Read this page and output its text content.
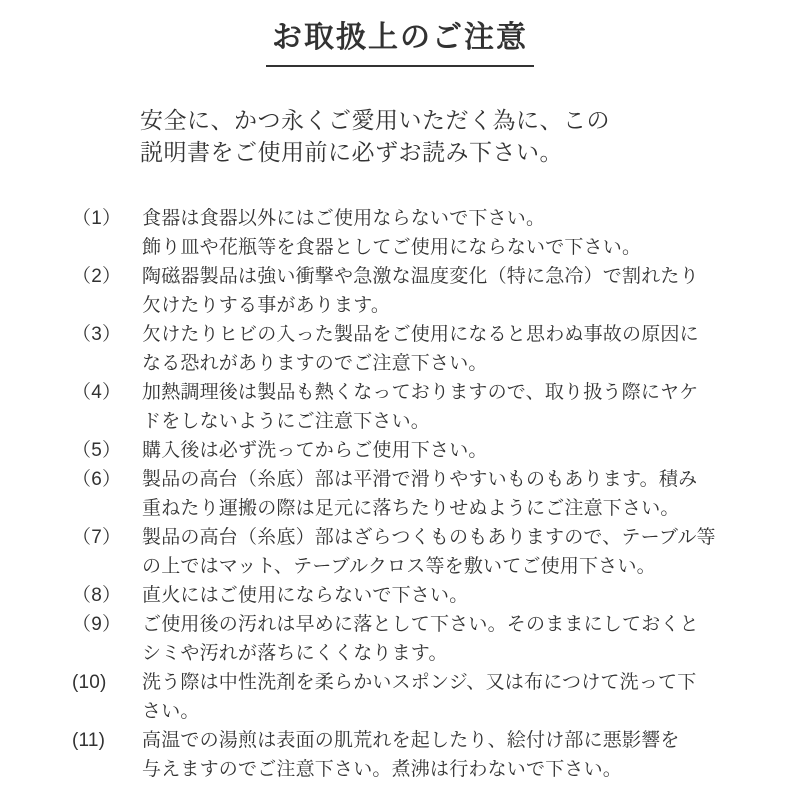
お取扱上のご注意

安全に、かつ永くご愛用いただく為に、この
説明書をご使用前に必ずお読み下さい。

（1）	食器は食器以外にはご使用ならないで下さい。
飾り皿や花瓶等を食器としてご使用にならないで下さい。
（2）	陶磁器製品は強い衝撃や急激な温度変化（特に急冷）で割れたり
欠けたりする事があります。
（3）	欠けたりヒビの入った製品をご使用になると思わぬ事故の原因に
なる恐れがありますのでご注意下さい。
（4）	加熱調理後は製品も熱くなっておりますので、取り扱う際にヤケ
ドをしないようにご注意下さい。
（5）	購入後は必ず洗ってからご使用下さい。
（6）	製品の高台（糸底）部は平滑で滑りやすいものもあります。積み
重ねたり運搬の際は足元に落ちたりせぬようにご注意下さい。
（7）	製品の高台（糸底）部はざらつくものもありますので、テーブル等
の上ではマット、テーブルクロス等を敷いてご使用下さい。
（8）	直火にはご使用にならないで下さい。
（9）	ご使用後の汚れは早めに落として下さい。そのままにしておくと
シミや汚れが落ちにくくなります。
(10)	洗う際は中性洗剤を柔らかいスポンジ、又は布につけて洗って下
さい。
(11)	高温での湯煎は表面の肌荒れを起したり、絵付け部に悪影響を
与えますのでご注意下さい。煮沸は行わないで下さい。
